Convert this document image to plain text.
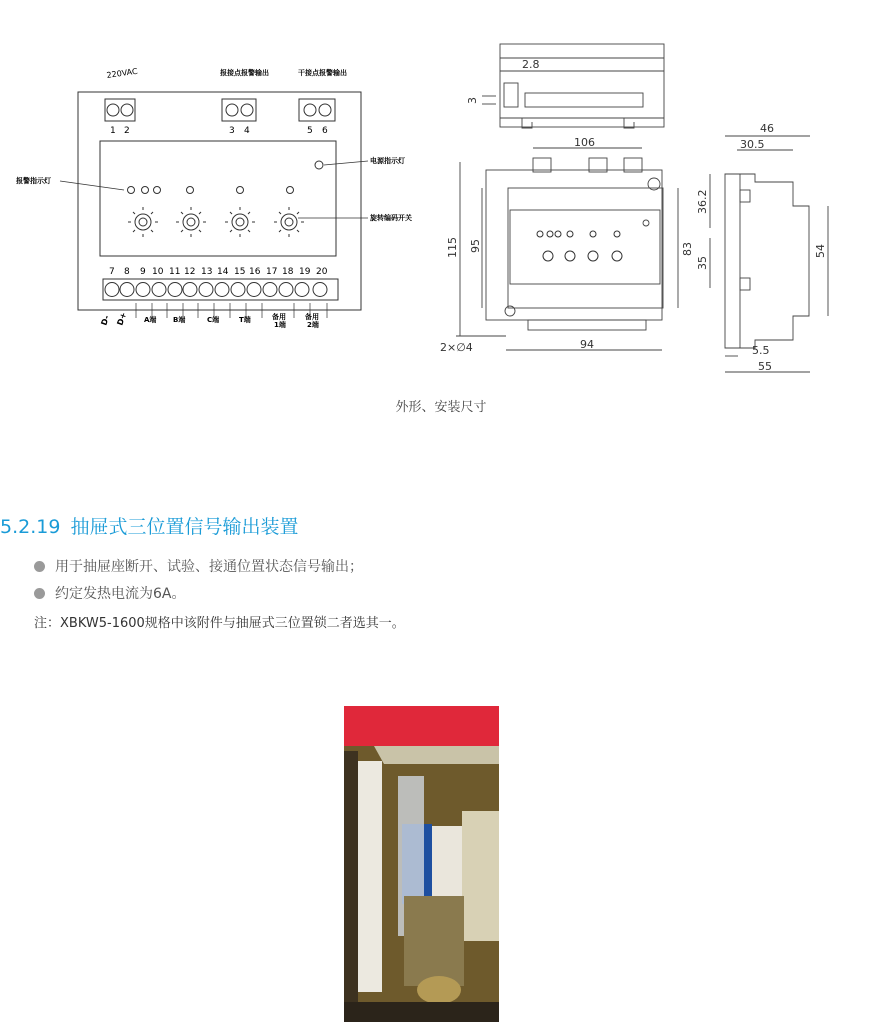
220VAC	报接点报警输出	干接点报警输出
1 2	3 4	5 6
报警指示灯
电源指示灯
旋转编码开关
7 8 9 10 11 12 13 14 15 16 17 18 19 20
D- D+ A端 B端	C端	T端	备用
1端
备用
2端
2.8
3
106
115 95	83
2×∅4	94
46
30.5
36.2
35
54
5.5
55
外形、安装尺寸
5.2.19 抽屉式三位置信号输出装置
用于抽屉座断开、试验、接通位置状态信号输出；
约定发热电流为6A。
注：XBKW5-1600规格中该附件与抽屉式三位置锁二者选其一。
